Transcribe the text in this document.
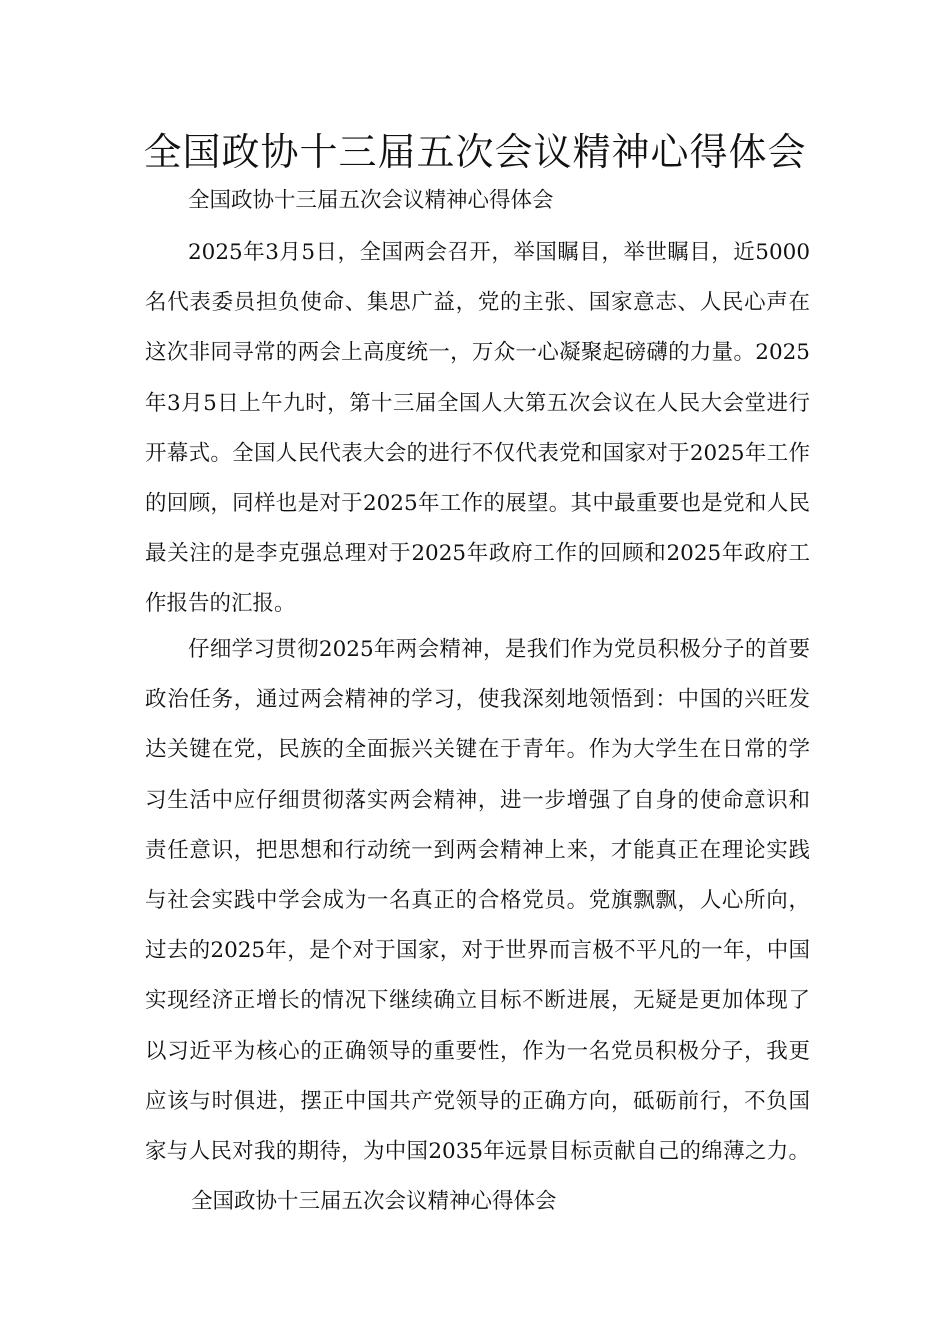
全国政协十三届五次会议精神心得体会

全国政协十三届五次会议精神心得体会

2025年3月5日，全国两会召开，举国瞩目，举世瞩目，近5000名代表委员担负使命、集思广益，党的主张、国家意志、人民心声在这次非同寻常的两会上高度统一，万众一心凝聚起磅礴的力量。2025年3月5日上午九时，第十三届全国人大第五次会议在人民大会堂进行开幕式。全国人民代表大会的进行不仅代表党和国家对于2025年工作的回顾，同样也是对于2025年工作的展望。其中最重要也是党和人民最关注的是李克强总理对于2025年政府工作的回顾和2025年政府工作报告的汇报。

仔细学习贯彻2025年两会精神，是我们作为党员积极分子的首要政治任务，通过两会精神的学习，使我深刻地领悟到：中国的兴旺发达关键在党，民族的全面振兴关键在于青年。作为大学生在日常的学习生活中应仔细贯彻落实两会精神，进一步增强了自身的使命意识和责任意识，把思想和行动统一到两会精神上来，才能真正在理论实践与社会实践中学会成为一名真正的合格党员。党旗飘飘，人心所向，过去的2025年，是个对于国家，对于世界而言极不平凡的一年，中国实现经济正增长的情况下继续确立目标不断进展，无疑是更加体现了以习近平为核心的正确领导的重要性，作为一名党员积极分子，我更应该与时俱进，摆正中国共产党领导的正确方向，砥砺前行，不负国家与人民对我的期待，为中国2035年远景目标贡献自己的绵薄之力。全国政协十三届五次会议精神心得体会
